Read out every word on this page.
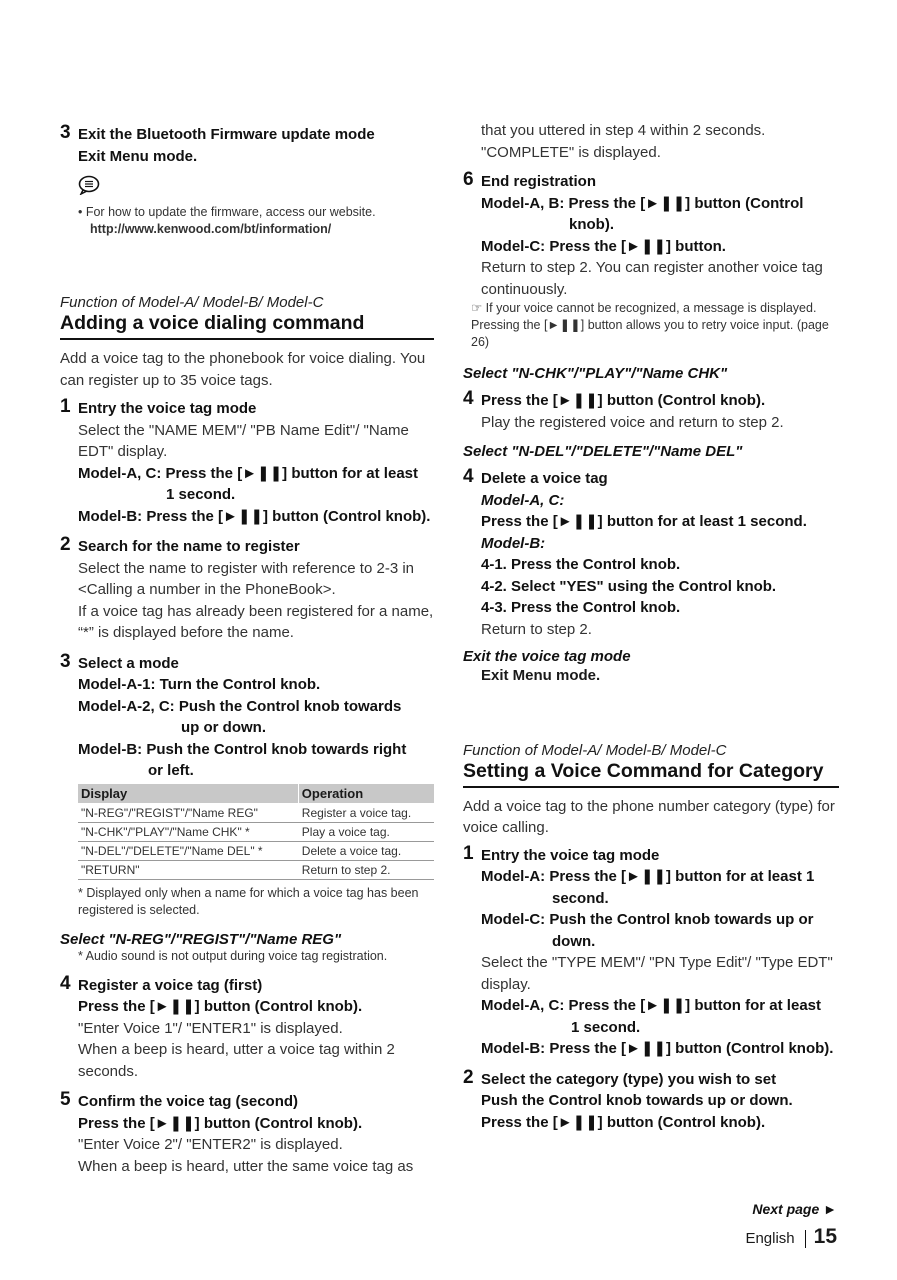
3 Exit the Bluetooth Firmware update mode
Exit Menu mode.
• For how to update the firmware, access our website.
http://www.kenwood.com/bt/information/
Function of Model-A/ Model-B/ Model-C
Adding a voice dialing command

Add a voice tag to the phonebook for voice dialing. You can register up to 35 voice tags.

1 Entry the voice tag mode

Select the "NAME MEM"/ "PB Name Edit"/ "Name EDT" display.

Model-A, C: Press the [►❚❚] button for at least
1 second.
Model-B: Press the [►❚❚] button (Control knob).
2 Search for the name to register

Select the name to register with reference to 2-3 in <Calling a number in the PhoneBook>.

If a voice tag has already been registered for a name, “*” is displayed before the name.

3 Select a mode
Model-A-1: Turn the Control knob.
Model-A-2, C: Push the Control knob towards
up or down.
Model-B: Push the Control knob towards right
or left.
Display	Operation
"N-REG"/"REGIST"/"Name REG"	Register a voice tag.
"N-CHK"/"PLAY"/"Name CHK" *	Play a voice tag.
"N-DEL"/"DELETE"/"Name DEL" *	Delete a voice tag.
"RETURN"	Return to step 2.
* Displayed only when a name for which a voice tag has been registered is selected.
Select "N-REG"/"REGIST"/"Name REG"
* Audio sound is not output during voice tag registration.
4 Register a voice tag (first)
Press the [►❚❚] button (Control knob).

"Enter Voice 1"/ "ENTER1" is displayed.

When a beep is heard, utter a voice tag within 2 seconds.

5 Confirm the voice tag (second)
Press the [►❚❚] button (Control knob).

"Enter Voice 2"/ "ENTER2" is displayed.

When a beep is heard, utter the same voice tag as

that you uttered in step 4 within 2 seconds.

"COMPLETE" is displayed.

6 End registration
Model-A, B: Press the [►❚❚] button (Control
knob).
Model-C: Press the [►❚❚] button.

Return to step 2. You can register another voice tag continuously.

☞ If your voice cannot be recognized, a message is displayed. Pressing the [►❚❚] button allows you to retry voice input. (page 26)
Select "N-CHK"/"PLAY"/"Name CHK"
4 Press the [►❚❚] button (Control knob).

Play the registered voice and return to step 2.

Select "N-DEL"/"DELETE"/"Name DEL"
4 Delete a voice tag
Model-A, C:
Press the [►❚❚] button for at least 1 second.
Model-B:
4-1. Press the Control knob.
4-2. Select "YES" using the Control knob.
4-3. Press the Control knob.

Return to step 2.

Exit the voice tag mode
Exit Menu mode.
Function of Model-A/ Model-B/ Model-C
Setting a Voice Command for Category

Add a voice tag to the phone number category (type) for voice calling.

1 Entry the voice tag mode
Model-A: Press the [►❚❚] button for at least 1
second.
Model-C: Push the Control knob towards up or
down.

Select the "TYPE MEM"/ "PN Type Edit"/ "Type EDT" display.

Model-A, C: Press the [►❚❚] button for at least
1 second.
Model-B: Press the [►❚❚] button (Control knob).
2 Select the category (type) you wish to set
Push the Control knob towards up or down.
Press the [►❚❚] button (Control knob).
Next page ►
English 15
